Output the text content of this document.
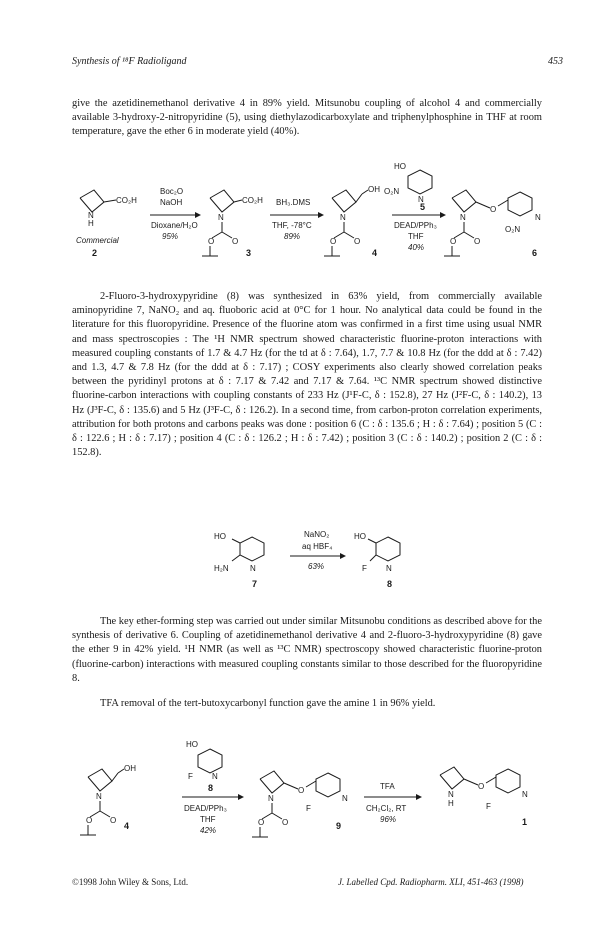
Synthesis of ¹⁸F Radioligand	453

give the azetidinemethanol derivative 4 in 89% yield. Mitsunobu coupling of alcohol 4 and commercially available 3-hydroxy-2-nitropyridine (5), using diethylazodicarboxylate and triphenylphosphine in THF at room temperature, gave the ether 6 in moderate yield (40%).

N
H
CO₂H
Commercial
2
Boc₂O
NaOH
Dioxane/H₂O
95%
N
O O
CO₂H
3
BH₃.DMS
THF, -78°C
89%
N
O O
OH
4
HO
O₂N
N
5
DEAD/PPh₃
THF
40%
O
N
O₂N
N
O O
6

2-Fluoro-3-hydroxypyridine (8) was synthesized in 63% yield, from commercially available aminopyridine 7, NaNO₂ and aq. fluoboric acid at 0°C for 1 hour. No analytical data could be found in the literature for this fluoropyridine. Presence of the fluorine atom was confirmed in a first time using usual NMR and mass spectroscopies : The ¹H NMR spectrum showed characteristic fluorine-proton interactions with measured coupling constants of 1.7 & 4.7 Hz (for the td at δ : 7.64), 1.7, 7.7 & 10.8 Hz (for the ddd at δ : 7.42) and 1.3, 4.7 & 7.8 Hz (for the ddd at δ : 7.17) ; COSY experiments also clearly showed correlation peaks between the pyridinyl protons at δ : 7.17 & 7.42 and 7.17 & 7.64. ¹³C NMR spectrum showed distinctive fluorine-carbon interactions with coupling constants of 233 Hz (J¹F-C, δ : 152.8), 27 Hz (J²F-C, δ : 140.2), 13 Hz (J³F-C, δ : 135.6) and 5 Hz (J³F-C, δ : 126.2). In a second time, from carbon-proton correlation experiments, attribution for both protons and carbons peaks was done : position 6 (C : δ : 135.6 ; H : δ : 7.64) ; position 5 (C : δ : 122.6 ; H : δ : 7.17) ; position 4 (C : δ : 126.2 ; H : δ : 7.42) ; position 3 (C : δ : 140.2) ; position 2 (C : δ : 152.8).

HO
H₂N	N
7
NaNO₂
aq HBF₄
63%
HO
F N
8

The key ether-forming step was carried out under similar Mitsunobu conditions as described above for the synthesis of derivative 6. Coupling of azetidinemethanol derivative 4 and 2-fluoro-3-hydroxypyridine (8) gave the ether 9 in 42% yield. ¹H NMR (as well as ¹³C NMR) spectroscopy showed characteristic fluorine-proton (fluorine-carbon) interactions with measured coupling constants similar to those described for the fluoropyridine 8.

TFA removal of the tert-butoxycarbonyl function gave the amine 1 in 96% yield.

OH
N
O O
4
HO
F N
8
DEAD/PPh₃
THF
42%
O
N
F
N
O O	9
TFA
CH₂Cl₂, RT
96%
O
N
F
N
H
1
©1998 John Wiley & Sons, Ltd.	J. Labelled Cpd. Radiopharm. XLI, 451-463 (1998)
